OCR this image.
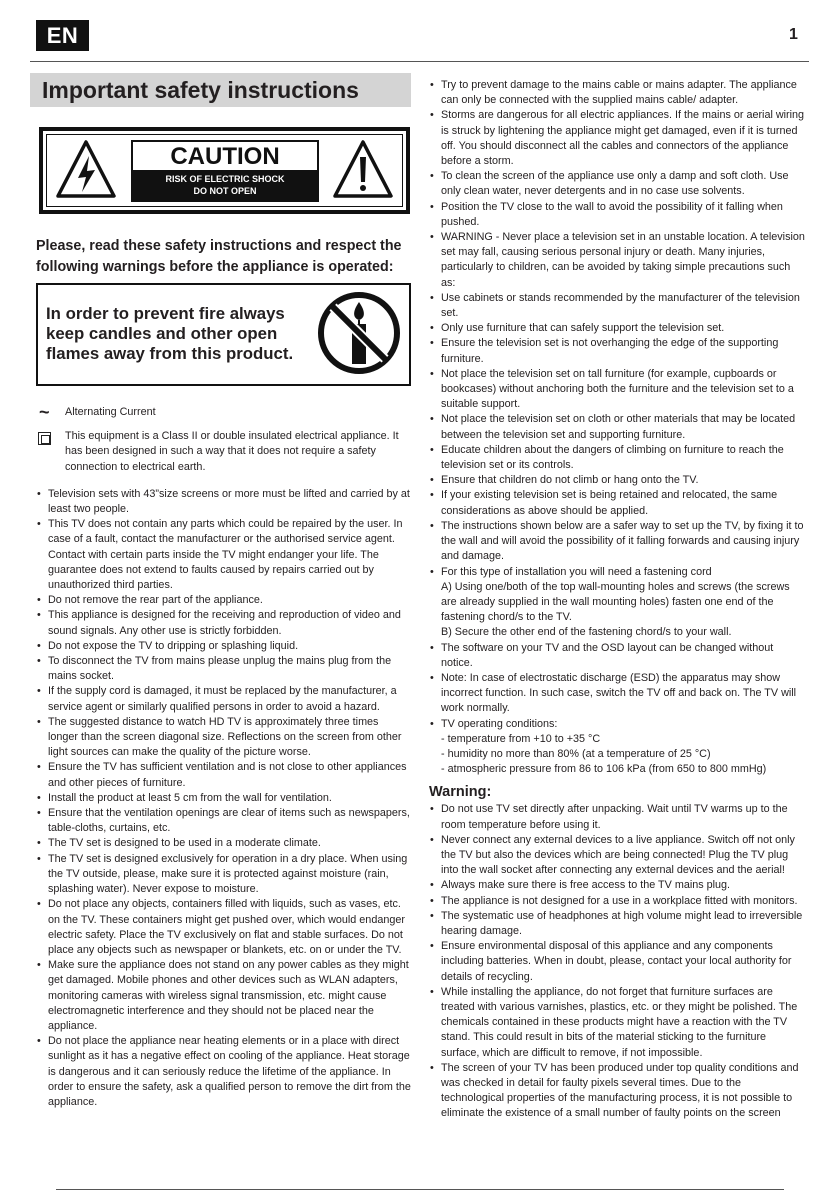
EN	1
Important safety instructions
CAUTION
RISK OF ELECTRIC SHOCK
DO NOT OPEN
Please, read these safety instructions and respect the following warnings before the appliance is operated:
In order to prevent fire always keep candles and other open flames away from this product.
~	Alternating Current
This equipment is a Class II or double insulated electrical appliance. It has been designed in such a way that it does not require a safety connection to electrical earth.
• Television sets with 43”size screens or more must be lifted and carried by at least two people.
• This TV does not contain any parts which could be repaired by the user. In case of a fault, contact the manufacturer or the authorised service agent. Contact with certain parts inside the TV might endanger your life. The guarantee does not extend to faults caused by repairs carried out by unauthorized third parties.
• Do not remove the rear part of the appliance.
• This appliance is designed for the receiving and reproduction of video and sound signals. Any other use is strictly forbidden.
• Do not expose the TV to dripping or splashing liquid.
• To disconnect the TV from mains please unplug the mains plug from the mains socket.
• If the supply cord is damaged, it must be replaced by the manufacturer, a service agent or similarly qualified persons in order to avoid a hazard.
• The suggested distance to watch HD TV is approximately three times longer than the screen diagonal size. Reflections on the screen from other light sources can make the quality of the picture worse.
• Ensure the TV has sufficient ventilation and is not close to other appliances and other pieces of furniture.
• Install the product at least 5 cm from the wall for ventilation.
• Ensure that the ventilation openings are clear of items such as newspapers, table-cloths, curtains, etc.
• The TV set is designed to be used in a moderate climate.
• The TV set is designed exclusively for operation in a dry place. When using the TV outside, please, make sure it is protected against moisture (rain, splashing water). Never expose to moisture.
• Do not place any objects, containers filled with liquids, such as vases, etc. on the TV. These containers might get pushed over, which would endanger electric safety. Place the TV exclusively on flat and stable surfaces. Do not place any objects such as newspaper or blankets, etc. on or under the TV.
• Make sure the appliance does not stand on any power cables as they might get damaged. Mobile phones and other devices such as WLAN adapters, monitoring cameras with wireless signal transmission, etc. might cause electromagnetic interference and they should not be placed near the appliance.
• Do not place the appliance near heating elements or in a place with direct sunlight as it has a negative effect on cooling of the appliance. Heat storage is dangerous and it can seriously reduce the lifetime of the appliance. In order to ensure the safety, ask a qualified person to remove the dirt from the appliance.
• Try to prevent damage to the mains cable or mains adapter. The appliance can only be connected with the supplied mains cable/ adapter.
• Storms are dangerous for all electric appliances. If the mains or aerial wiring is struck by lightening the appliance might get damaged, even if it is turned off. You should disconnect all the cables and connectors of the appliance before a storm.
• To clean the screen of the appliance use only a damp and soft cloth. Use only clean water, never detergents and in no case use solvents.
• Position the TV close to the wall to avoid the possibility of it falling when pushed.
• WARNING - Never place a television set in an unstable location. A television set may fall, causing serious personal injury or death. Many injuries, particularly to children, can be avoided by taking simple precautions such as:
• Use cabinets or stands recommended by the manufacturer of the television set.
• Only use furniture that can safely support the television set.
• Ensure the television set is not overhanging the edge of the supporting furniture.
• Not place the television set on tall furniture (for example, cupboards or bookcases) without anchoring both the furniture and the television set to a suitable support.
• Not place the television set on cloth or other materials that may be located between the television set and supporting furniture.
• Educate children about the dangers of climbing on furniture to reach the television set or its controls.
• Ensure that children do not climb or hang onto the TV.
• If your existing television set is being retained and relocated, the same considerations as above should be applied.
• The instructions shown below are a safer way to set up the TV, by fixing it to the wall and will avoid the possibility of it falling forwards and causing injury and damage.
• For this type of installation you will need a fastening cord
A) Using one/both of the top wall-mounting holes and screws (the screws are already supplied in the wall mounting holes) fasten one end of the fastening chord/s to the TV.
B) Secure the other end of the fastening chord/s to your wall.
• The software on your TV and the OSD layout can be changed without notice.
• Note: In case of electrostatic discharge (ESD) the apparatus may show incorrect function. In such case, switch the TV off and back on. The TV will work normally.
• TV operating conditions:
- temperature from +10 to +35 °C
- humidity no more than 80% (at a temperature of 25 °C)
- atmospheric pressure from 86 to 106 kPa (from 650 to 800 mmHg)
Warning:
• Do not use TV set directly after unpacking. Wait until TV warms up to the room temperature before using it.
• Never connect any external devices to a live appliance. Switch off not only the TV but also the devices which are being connected! Plug the TV plug into the wall socket after connecting any external devices and the aerial!
• Always make sure there is free access to the TV mains plug.
• The appliance is not designed for a use in a workplace fitted with monitors.
• The systematic use of headphones at high volume might lead to irreversible hearing damage.
• Ensure environmental disposal of this appliance and any components including batteries. When in doubt, please, contact your local authority for details of recycling.
• While installing the appliance, do not forget that furniture surfaces are treated with various varnishes, plastics, etc. or they might be polished. The chemicals contained in these products might have a reaction with the TV stand. This could result in bits of the material sticking to the furniture surface, which are difficult to remove, if not impossible.
• The screen of your TV has been produced under top quality conditions and was checked in detail for faulty pixels several times. Due to the technological properties of the manufacturing process, it is not possible to eliminate the existence of a small number of faulty points on the screen
